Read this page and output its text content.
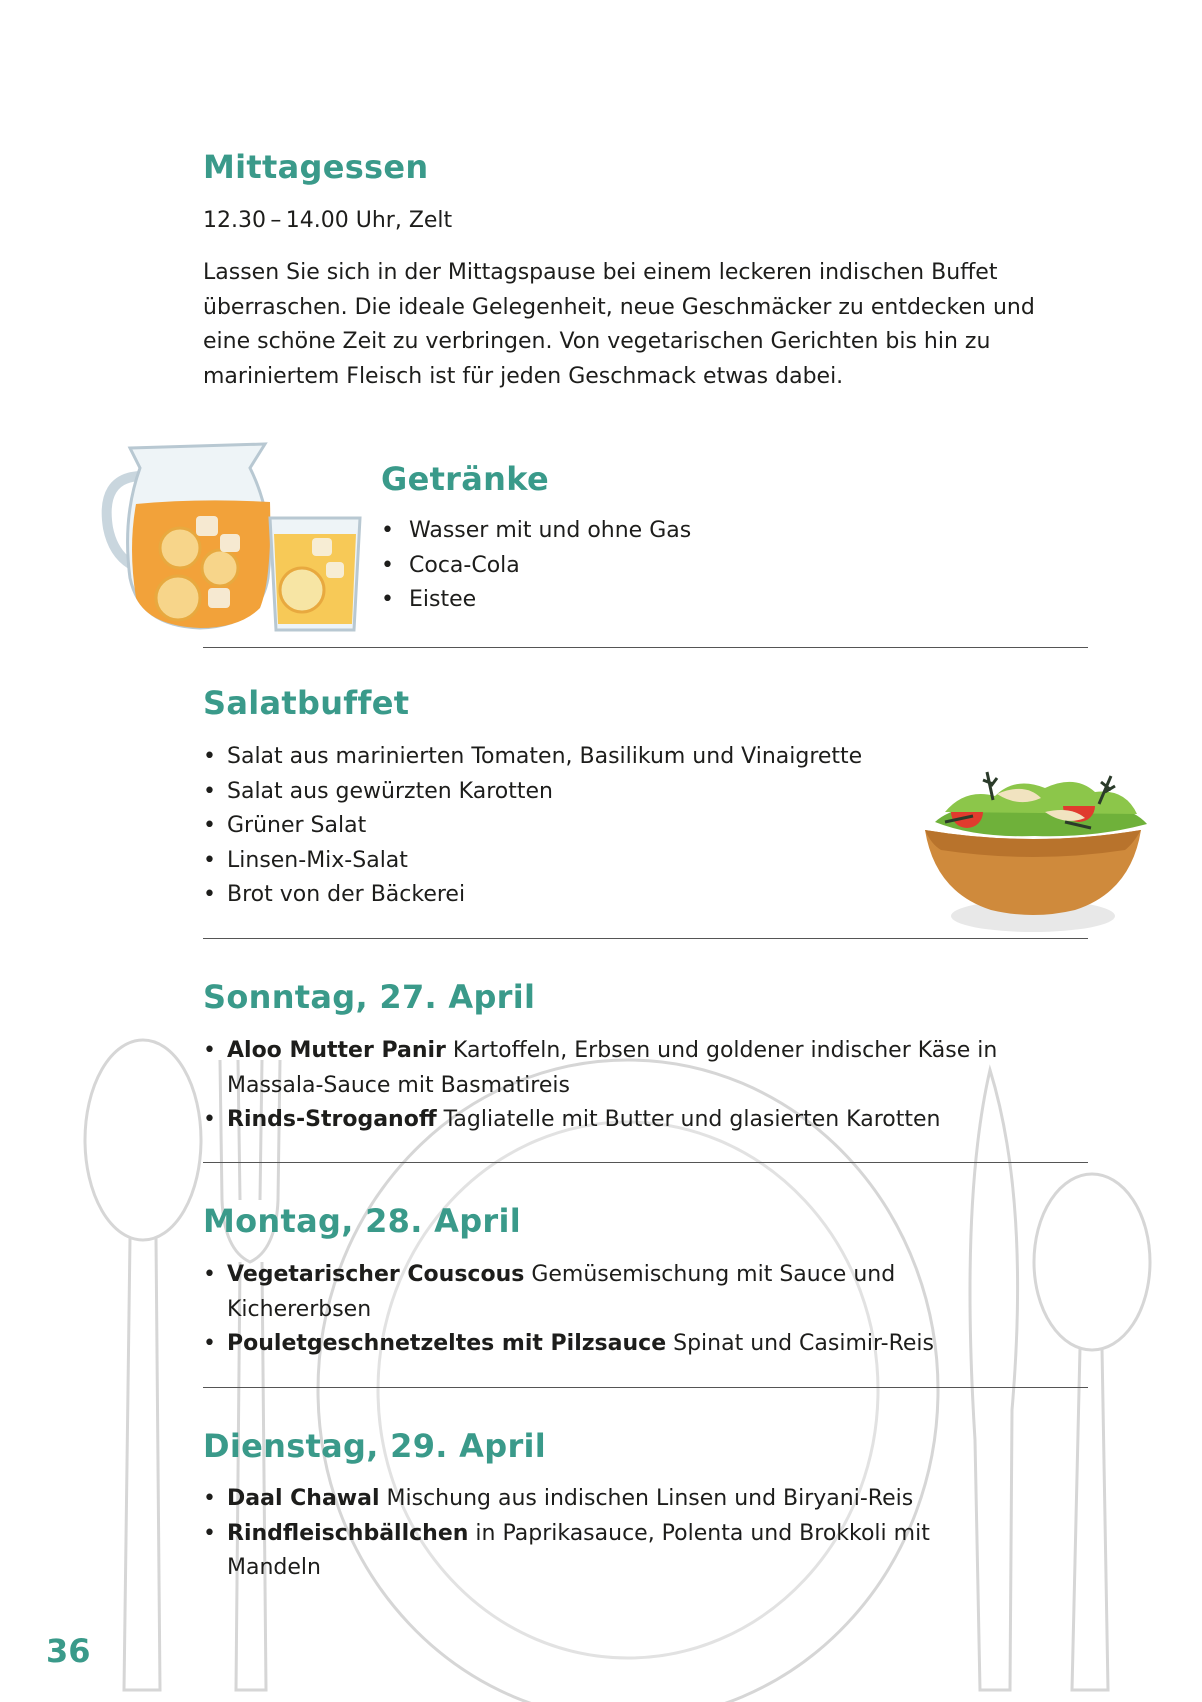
Mittagessen

12.30 – 14.00 Uhr, Zelt

Lassen Sie sich in der Mittagspause bei einem leckeren indischen Buffet überraschen. Die ideale Gelegenheit, neue Geschmäcker zu entdecken und eine schöne Zeit zu verbringen. Von vegetarischen Gerichten bis hin zu mariniertem Fleisch ist für jeden Geschmack etwas dabei.

Getränke
• Wasser mit und ohne Gas
• Coca-Cola
• Eistee
Salatbuffet
• Salat aus marinierten Tomaten, Basilikum und Vinaigrette
• Salat aus gewürzten Karotten
• Grüner Salat
• Linsen-Mix-Salat
• Brot von der Bäckerei
Sonntag, 27. April
• Aloo Mutter Panir Kartoffeln, Erbsen und goldener indischer Käse in Massala-Sauce mit Basmatireis
• Rinds-Stroganoff Tagliatelle mit Butter und glasierten Karotten
Montag, 28. April
• Vegetarischer Couscous Gemüsemischung mit Sauce und Kichererbsen
• Pouletgeschnetzeltes mit Pilzsauce Spinat und Casimir-Reis
Dienstag, 29. April
• Daal Chawal Mischung aus indischen Linsen und Biryani-Reis
• Rindfleischbällchen in Paprikasauce, Polenta und Brokkoli mit Mandeln
36
